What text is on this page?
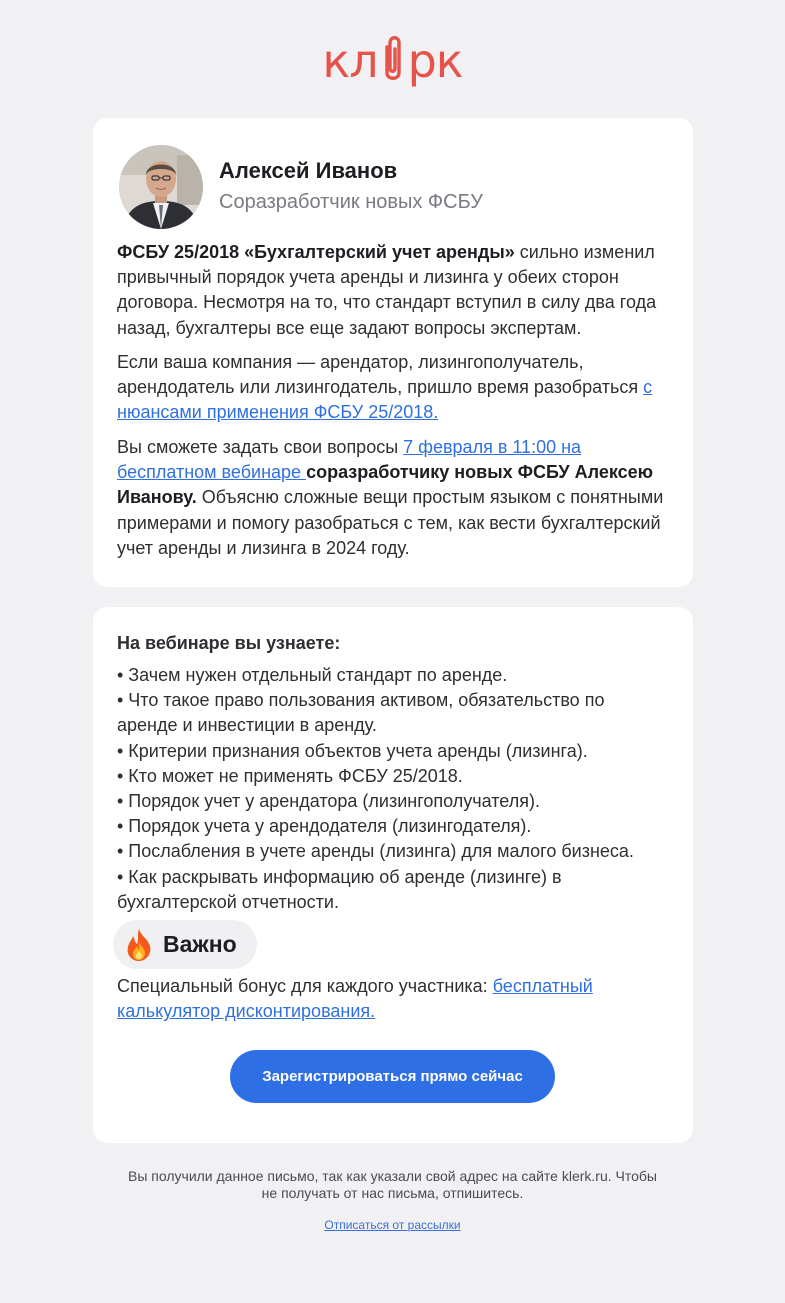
кл рк
Алексей Иванов
Соразработчик новых ФСБУ

ФСБУ 25/2018 «Бухгалтерский учет аренды» сильно изменил привычный порядок учета аренды и лизинга у обеих сторон договора. Несмотря на то, что стандарт вступил в силу два года назад, бухгалтеры все еще задают вопросы экспертам.

Если ваша компания — арендатор, лизингополучатель, арендодатель или лизингодатель, пришло время разобраться с нюансами применения ФСБУ 25/2018.

Вы сможете задать свои вопросы 7 февраля в 11:00 на бесплатном вебинаре соразработчику новых ФСБУ Алексею Иванову. Объясню сложные вещи простым языком с понятными примерами и помогу разобраться с тем, как вести бухгалтерский учет аренды и лизинга в 2024 году.

На вебинаре вы узнаете:
• Зачем нужен отдельный стандарт по аренде.
• Что такое право пользования активом, обязательство по аренде и инвестиции в аренду.
• Критерии признания объектов учета аренды (лизинга).
• Кто может не применять ФСБУ 25/2018.
• Порядок учет у арендатора (лизингополучателя).
• Порядок учета у арендодателя (лизингодателя).
• Послабления в учете аренды (лизинга) для малого бизнеса.
• Как раскрывать информацию об аренде (лизинге) в бухгалтерской отчетности.
Важно

Специальный бонус для каждого участника: бесплатный калькулятор дисконтирования.

Зарегистрироваться прямо сейчас

Вы получили данное письмо, так как указали свой адрес на сайте klerk.ru. Чтобы не получать от нас письма, отпишитесь.

Отписаться от рассылки
